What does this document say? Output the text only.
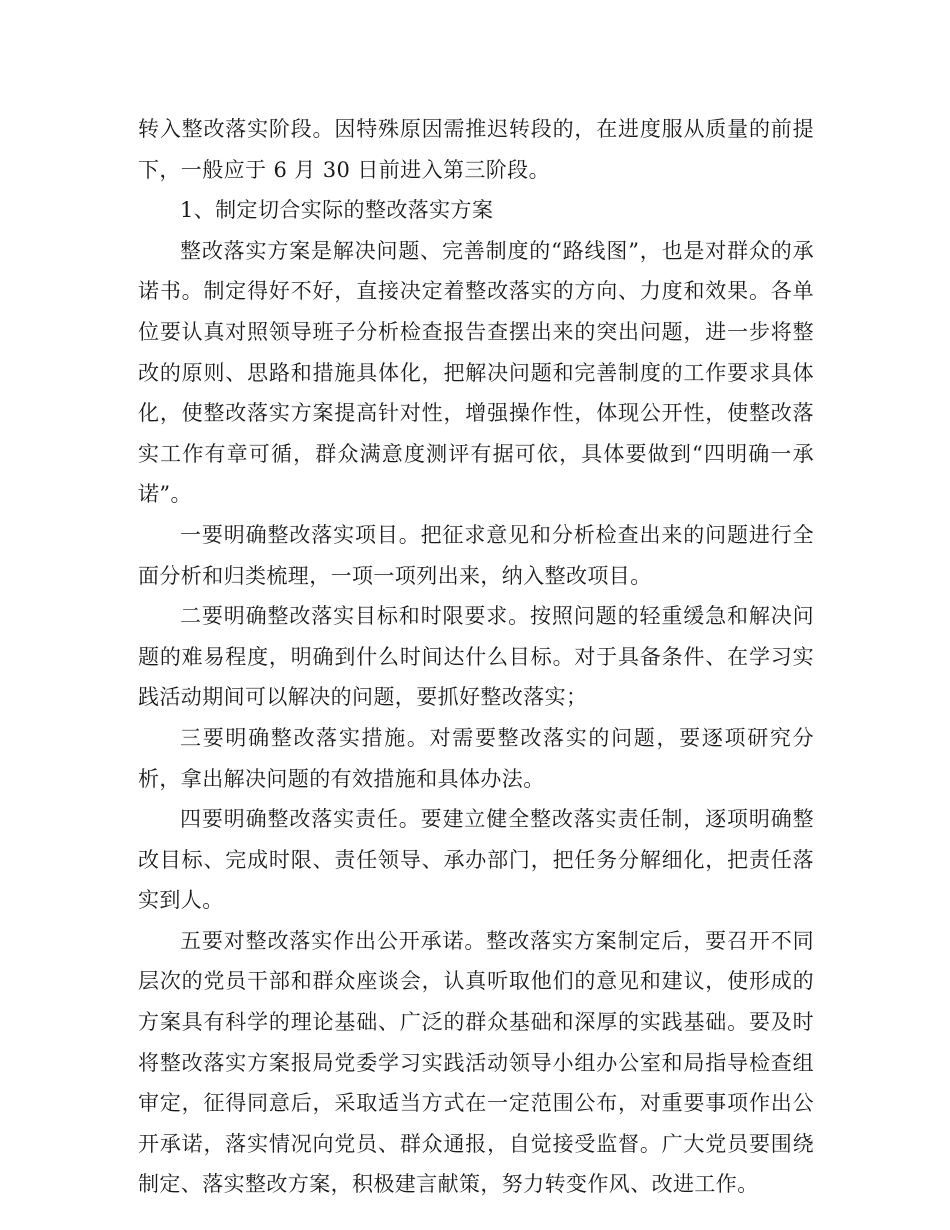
转入整改落实阶段。因特殊原因需推迟转段的，在进度服从质量的前提下，一般应于 6 月 30 日前进入第三阶段。

1、制定切合实际的整改落实方案

整改落实方案是解决问题、完善制度的“路线图”，也是对群众的承诺书。制定得好不好，直接决定着整改落实的方向、力度和效果。各单位要认真对照领导班子分析检查报告查摆出来的突出问题，进一步将整改的原则、思路和措施具体化，把解决问题和完善制度的工作要求具体化，使整改落实方案提高针对性，增强操作性，体现公开性，使整改落实工作有章可循，群众满意度测评有据可依，具体要做到“四明确一承诺”。

一要明确整改落实项目。把征求意见和分析检查出来的问题进行全面分析和归类梳理，一项一项列出来，纳入整改项目。

二要明确整改落实目标和时限要求。按照问题的轻重缓急和解决问题的难易程度，明确到什么时间达什么目标。对于具备条件、在学习实践活动期间可以解决的问题，要抓好整改落实；

三要明确整改落实措施。对需要整改落实的问题，要逐项研究分析，拿出解决问题的有效措施和具体办法。

四要明确整改落实责任。要建立健全整改落实责任制，逐项明确整改目标、完成时限、责任领导、承办部门，把任务分解细化，把责任落实到人。

五要对整改落实作出公开承诺。整改落实方案制定后，要召开不同层次的党员干部和群众座谈会，认真听取他们的意见和建议，使形成的方案具有科学的理论基础、广泛的群众基础和深厚的实践基础。要及时将整改落实方案报局党委学习实践活动领导小组办公室和局指导检查组审定，征得同意后，采取适当方式在一定范围公布，对重要事项作出公开承诺，落实情况向党员、群众通报，自觉接受监督。广大党员要围绕制定、落实整改方案，积极建言献策，努力转变作风、改进工作。
